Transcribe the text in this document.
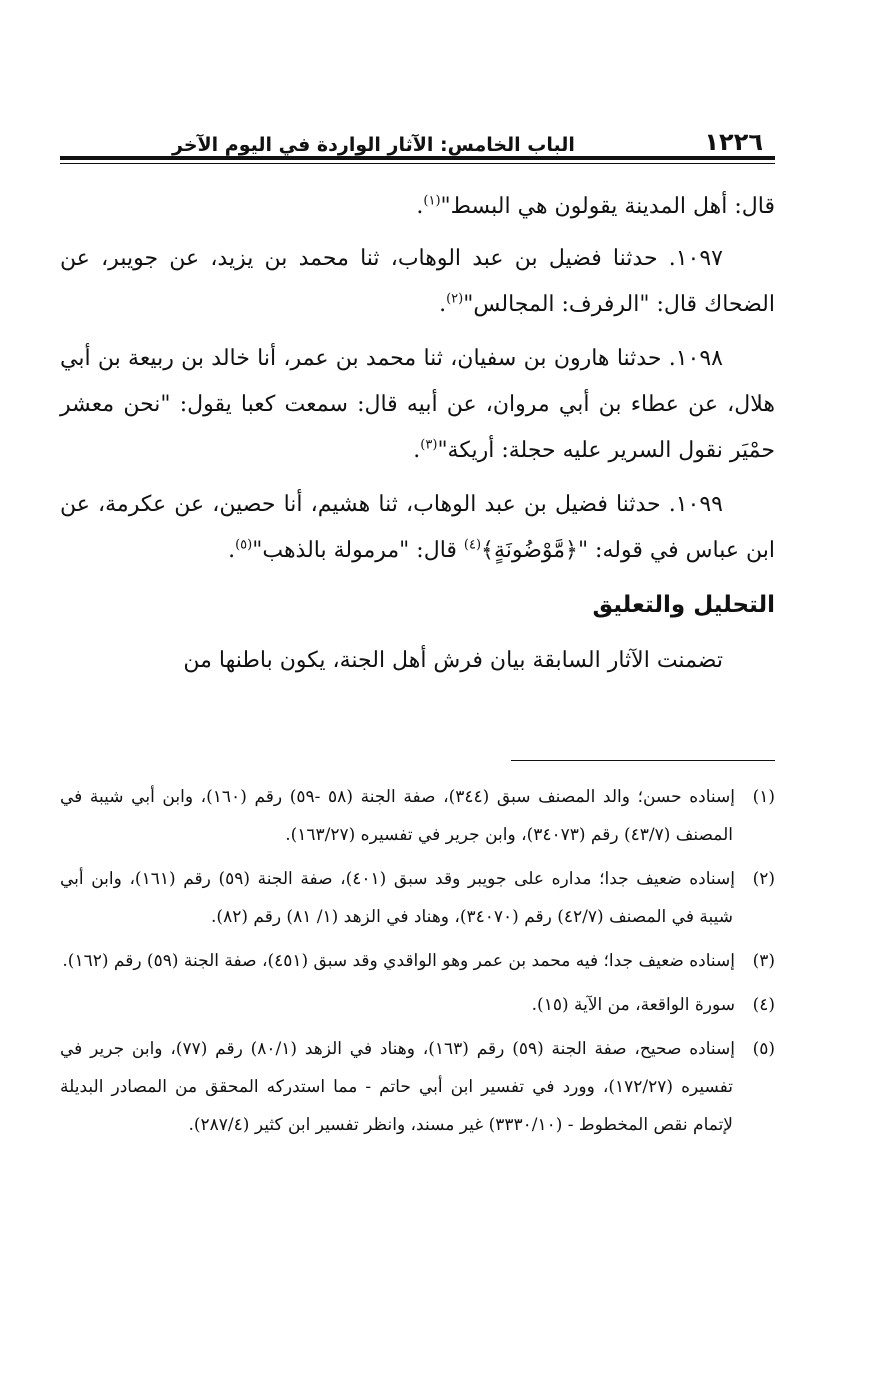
١٢٢٦
الباب الخامس: الآثار الواردة في اليوم الآخر

قال: أهل المدينة يقولون هي البسط"$^{(١)}$.

١٠٩٧. حدثنا فضيل بن عبد الوهاب، ثنا محمد بن يزيد، عن جويبر، عن الضحاك قال: "الرفرف: المجالس"$^{(٢)}$.

١٠٩٨. حدثنا هارون بن سفيان، ثنا محمد بن عمر، أنا خالد بن ربيعة بن أبي هلال، عن عطاء بن أبي مروان، عن أبيه قال: سمعت كعبا يقول: "نحن معشر حمْيَر نقول السرير عليه حجلة: أريكة"$^{(٣)}$.

١٠٩٩. حدثنا فضيل بن عبد الوهاب، ثنا هشيم، أنا حصين، عن عكرمة، عن ابن عباس في قوله: "﴿مَّوْضُونَةٍ﴾$^{(٤)}$ قال: "مرمولة بالذهب"$^{(٥)}$.

التحليل والتعليق

تضمنت الآثار السابقة بيان فرش أهل الجنة، يكون باطنها من

(١)إسناده حسن؛ والد المصنف سبق (٣٤٤)، صفة الجنة (٥٨ -٥٩) رقم (١٦٠)، وابن أبي شيبة في المصنف (٤٣/٧) رقم (٣٤٠٧٣)، وابن جرير في تفسيره (١٦٣/٢٧).

(٢)إسناده ضعيف جدا؛ مداره على جويبر وقد سبق (٤٠١)، صفة الجنة (٥٩) رقم (١٦١)، وابن أبي شيبة في المصنف (٤٢/٧) رقم (٣٤٠٧٠)، وهناد في الزهد (١/ ٨١) رقم (٨٢).

(٣)إسناده ضعيف جدا؛ فيه محمد بن عمر وهو الواقدي وقد سبق (٤٥١)، صفة الجنة (٥٩) رقم (١٦٢).

(٤)سورة الواقعة، من الآية (١٥).

(٥)إسناده صحيح، صفة الجنة (٥٩) رقم (١٦٣)، وهناد في الزهد (٨٠/١) رقم (٧٧)، وابن جرير في تفسيره (١٧٢/٢٧)، وورد في تفسير ابن أبي حاتم - مما استدركه المحقق من المصادر البديلة لإتمام نقص المخطوط - (٣٣٣٠/١٠) غير مسند، وانظر تفسير ابن كثير (٢٨٧/٤).
